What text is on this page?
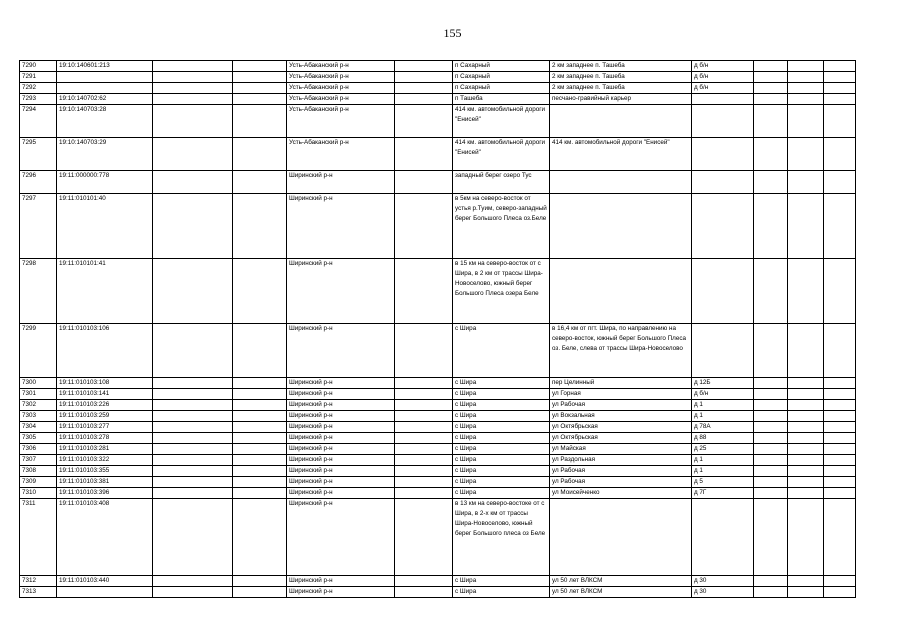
155
7290	19:10:140601:213			Усть-Абаканский р-н		п Сахарный	2 км западнее п. Ташеба	д б/н			
7291				Усть-Абаканский р-н		п Сахарный	2 км западнее п. Ташеба	д б/н			
7292				Усть-Абаканский р-н		п Сахарный	2 км западнее п. Ташеба	д б/н			
7293	19:10:140702:62			Усть-Абаканский р-н		п Ташеба	песчано-гравийный карьер				
7294	19:10:140703:28			Усть-Абаканский р-н		414 км. автомобильной дороги "Енисей"					
7295	19:10:140703:29			Усть-Абаканский р-н		414 км. автомобильной дороги "Енисей"	414 км. автомобильной дороги "Енисей"				
7296	19:11:000000:778			Ширинский р-н		западный берег озеро Тус					
7297	19:11:010101:40			Ширинский р-н		в 5км на северо-восток от устья р.Туим, северо-западный берег Большого Плеса оз.Беле					
7298	19:11:010101:41			Ширинский р-н		в 15 км на северо-восток от с Шира, в 2 км от трассы Шира-Новоселово, южный берег Большого Плеса озера Беле					
7299	19:11:010103:106			Ширинский р-н		с Шира	в 16,4 км от пгт. Шира, по направлению на северо-восток, южный берег Большого Плеса оз. Беле, слева от трассы Шира-Новоселово				
7300	19:11:010103:108			Ширинский р-н		с Шира	пер Целинный	д 12Б			
7301	19:11:010103:141			Ширинский р-н		с Шира	ул Горная	д б/н			
7302	19:11:010103:226			Ширинский р-н		с Шира	ул Рабочая	д 1			
7303	19:11:010103:259			Ширинский р-н		с Шира	ул Вокзальная	д 1			
7304	19:11:010103:277			Ширинский р-н		с Шира	ул Октябрьская	д 78А			
7305	19:11:010103:278			Ширинский р-н		с Шира	ул Октябрьская	д 88			
7306	19:11:010103:281			Ширинский р-н		с Шира	ул Майская	д 25			
7307	19:11:010103:322			Ширинский р-н		с Шира	ул Раздольная	д 1			
7308	19:11:010103:355			Ширинский р-н		с Шира	ул Рабочая	д 1			
7309	19:11:010103:381			Ширинский р-н		с Шира	ул Рабочая	д 5			
7310	19:11:010103:396			Ширинский р-н		с Шира	ул Моисейченко	д 7Г			
7311	19:11:010103:408			Ширинский р-н		в 13 км на северо-востоке от с Шира, в 2-х км от трассы Шира-Новоселово, южный берег Большого плеса оз Беле					
7312	19:11:010103:440			Ширинский р-н		с Шира	ул 50 лет ВЛКСМ	д 30			
7313				Ширинский р-н		с Шира	ул 50 лет ВЛКСМ	д 30			
